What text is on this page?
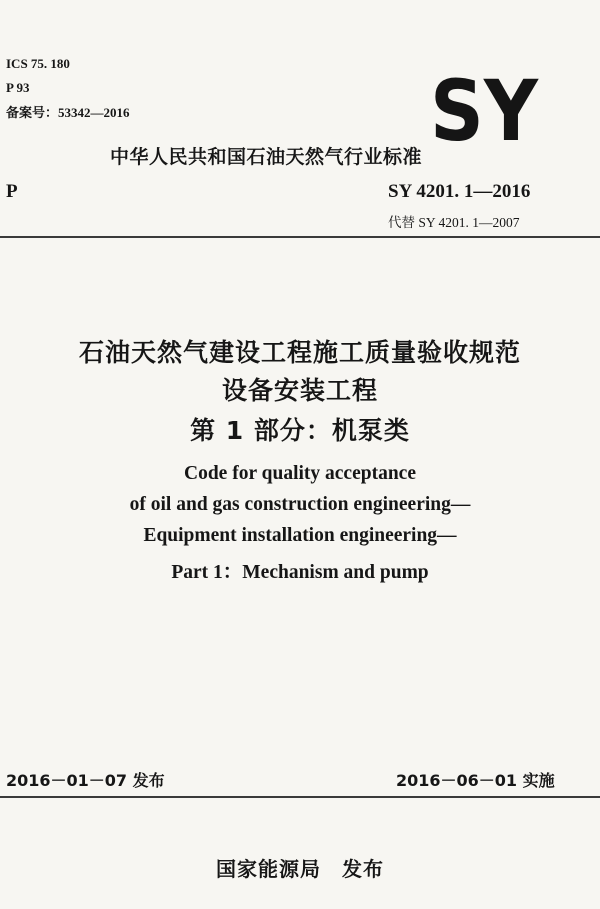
ICS 75. 180
P 93
备案号：53342—2016	SY
中华人民共和国石油天然气行业标准
P	SY 4201. 1—2016
代替 SY 4201. 1—2007
石油天然气建设工程施工质量验收规范
设备安装工程
第 1 部分：机泵类
Code for quality acceptance
of oil and gas construction engineering—
Equipment installation engineering—
Part 1：Mechanism and pump
2016－01－07 发布	2016－06－01 实施
国家能源局　发布
